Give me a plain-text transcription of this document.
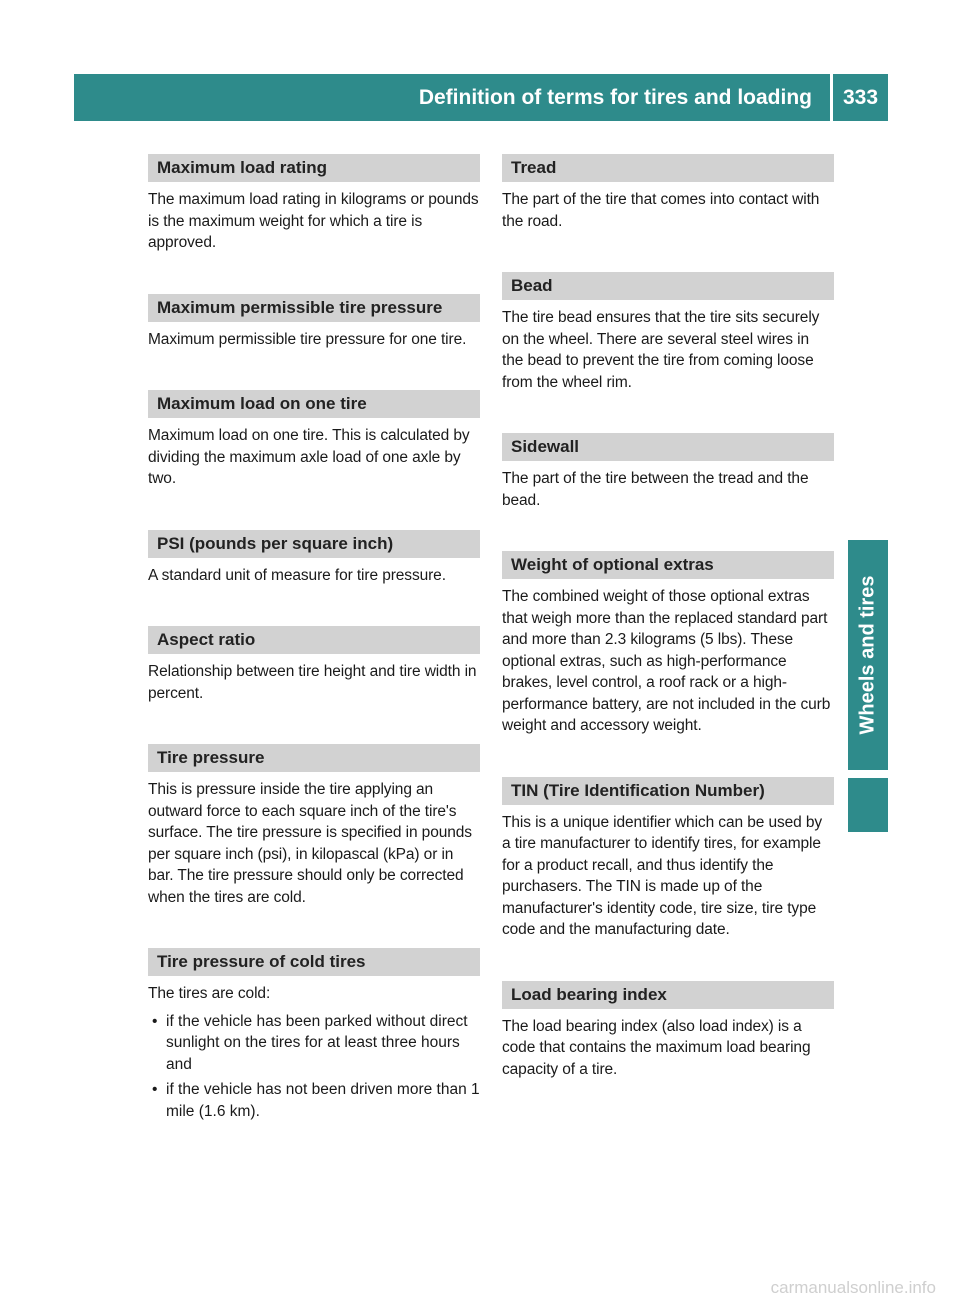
Definition of terms for tires and loading	333
Wheels and tires
Maximum load rating
The maximum load rating in kilograms or pounds is the maximum weight for which a tire is approved.
Maximum permissible tire pressure
Maximum permissible tire pressure for one tire.
Maximum load on one tire
Maximum load on one tire. This is calculated by dividing the maximum axle load of one axle by two.
PSI (pounds per square inch)
A standard unit of measure for tire pressure.
Aspect ratio
Relationship between tire height and tire width in percent.
Tire pressure
This is pressure inside the tire applying an outward force to each square inch of the tire's surface. The tire pressure is specified in pounds per square inch (psi), in kilopascal (kPa) or in bar. The tire pressure should only be corrected when the tires are cold.
Tire pressure of cold tires
The tires are cold:
• if the vehicle has been parked without direct sunlight on the tires for at least three hours and
• if the vehicle has not been driven more than 1 mile (1.6 km).
Tread
The part of the tire that comes into contact with the road.
Bead
The tire bead ensures that the tire sits securely on the wheel. There are several steel wires in the bead to prevent the tire from coming loose from the wheel rim.
Sidewall
The part of the tire between the tread and the bead.
Weight of optional extras
The combined weight of those optional extras that weigh more than the replaced standard part and more than 2.3 kilograms (5 lbs). These optional extras, such as high-performance brakes, level control, a roof rack or a high-performance battery, are not included in the curb weight and accessory weight.
TIN (Tire Identification Number)
This is a unique identifier which can be used by a tire manufacturer to identify tires, for example for a product recall, and thus identify the purchasers. The TIN is made up of the manufacturer's identity code, tire size, tire type code and the manufacturing date.
Load bearing index
The load bearing index (also load index) is a code that contains the maximum load bearing capacity of a tire.
carmanualsonline.info
